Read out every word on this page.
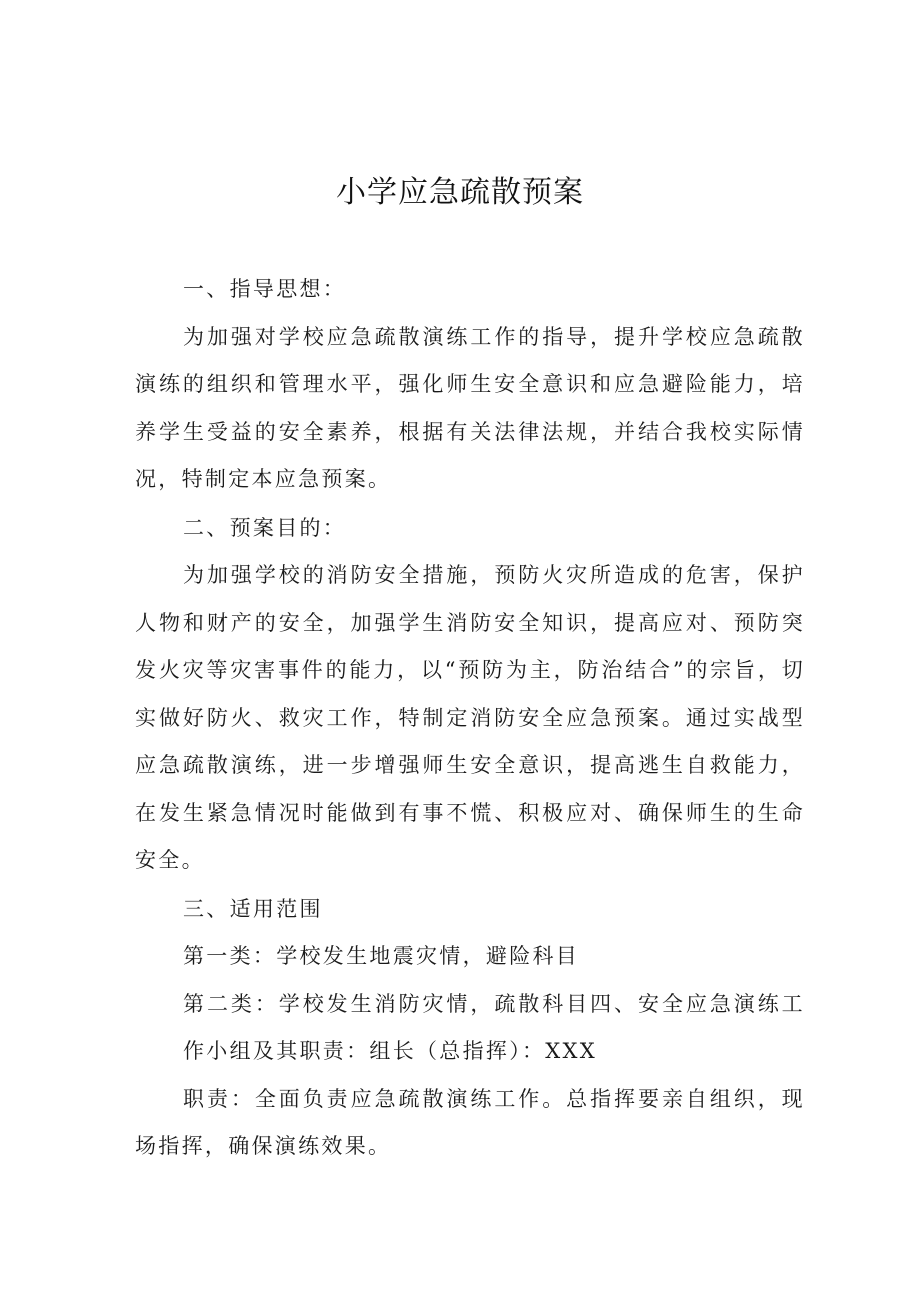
小学应急疏散预案

一、指导思想：

为加强对学校应急疏散演练工作的指导，提升学校应急疏散演练的组织和管理水平，强化师生安全意识和应急避险能力，培养学生受益的安全素养，根据有关法律法规，并结合我校实际情况，特制定本应急预案。

二、预案目的：

为加强学校的消防安全措施，预防火灾所造成的危害，保护人物和财产的安全，加强学生消防安全知识，提高应对、预防突发火灾等灾害事件的能力，以“预防为主，防治结合”的宗旨，切实做好防火、救灾工作，特制定消防安全应急预案。通过实战型应急疏散演练，进一步增强师生安全意识，提高逃生自救能力，在发生紧急情况时能做到有事不慌、积极应对、确保师生的生命安全。

三、适用范围

第一类：学校发生地震灾情，避险科目

第二类：学校发生消防灾情，疏散科目四、安全应急演练工作小组及其职责：组长（总指挥）：XXX

职责：全面负责应急疏散演练工作。总指挥要亲自组织，现场指挥，确保演练效果。
